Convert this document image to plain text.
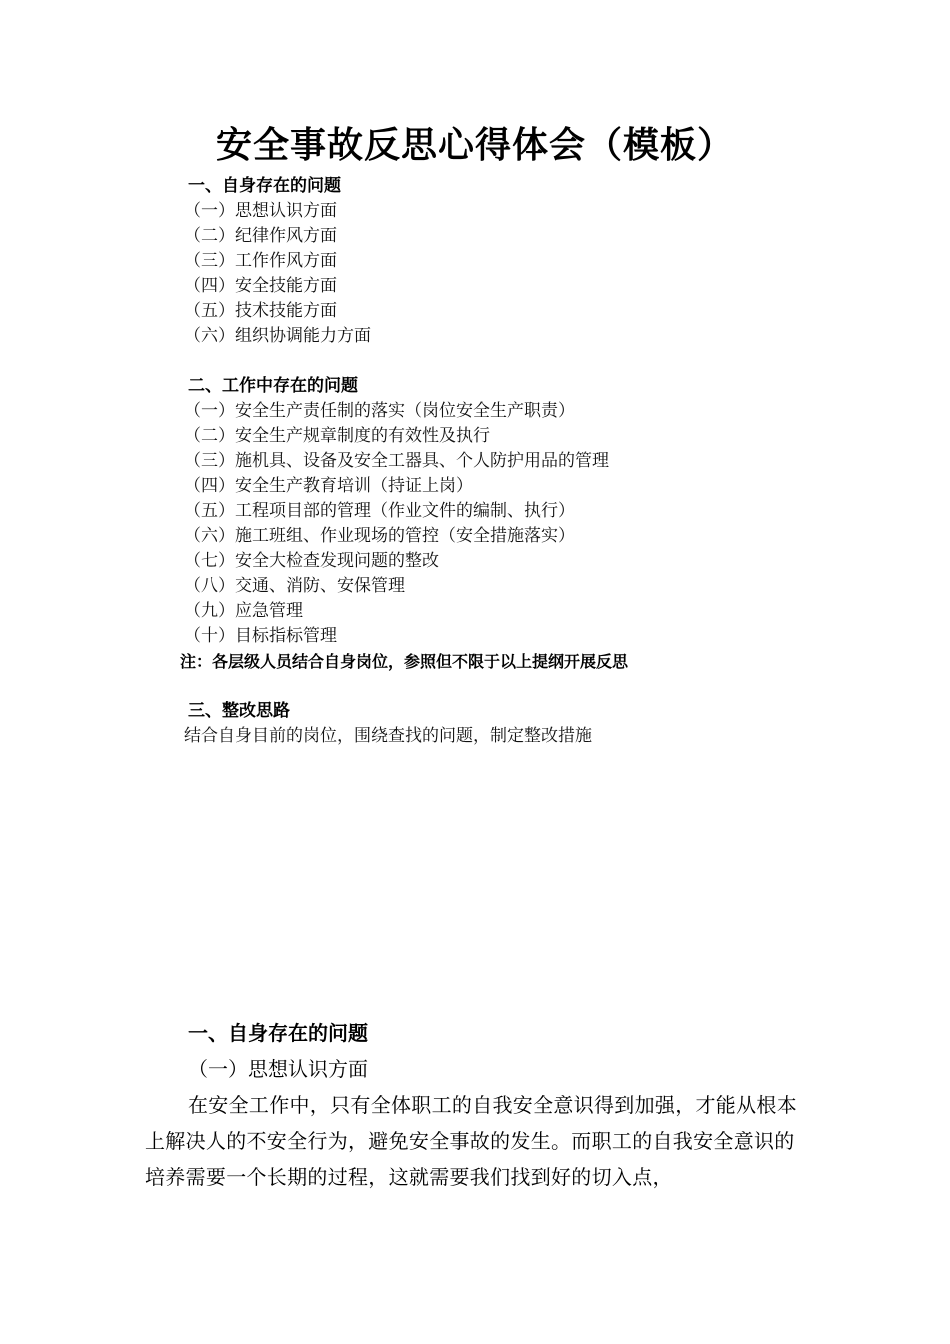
安全事故反思心得体会（模板）
一、自身存在的问题
（一）思想认识方面
（二）纪律作风方面
（三）工作作风方面
（四）安全技能方面
（五）技术技能方面
（六）组织协调能力方面
二、工作中存在的问题
（一）安全生产责任制的落实（岗位安全生产职责）
（二）安全生产规章制度的有效性及执行
（三）施机具、设备及安全工器具、个人防护用品的管理
（四）安全生产教育培训（持证上岗）
（五）工程项目部的管理（作业文件的编制、执行）
（六）施工班组、作业现场的管控（安全措施落实）
（七）安全大检查发现问题的整改
（八）交通、消防、安保管理
（九）应急管理
（十）目标指标管理
注：各层级人员结合自身岗位，参照但不限于以上提纲开展反思
三、整改思路
结合自身目前的岗位，围绕查找的问题，制定整改措施
一、自身存在的问题
（一）思想认识方面

在安全工作中，只有全体职工的自我安全意识得到加强，才能从根本上解决人的不安全行为，避免安全事故的发生。而职工的自我安全意识的培养需要一个长期的过程，这就需要我们找到好的切入点，
